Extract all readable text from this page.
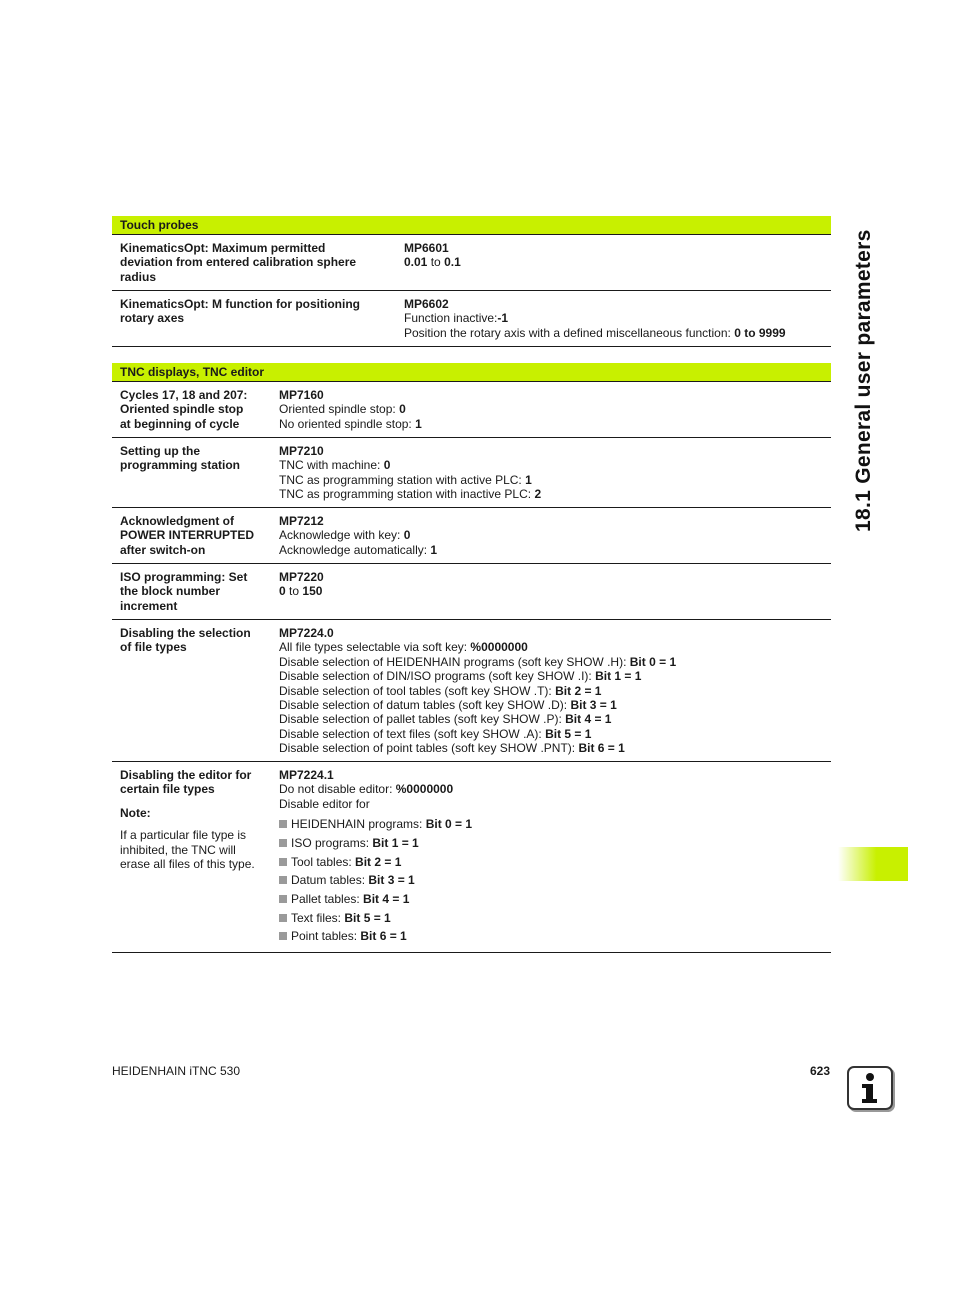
18.1 General user parameters
Touch probes
KinematicsOpt: Maximum permitted
deviation from entered calibration sphere
radius
MP6601
0.01 to 0.1
KinematicsOpt: M function for positioning
rotary axes
MP6602
Function inactive:-1
Position the rotary axis with a defined miscellaneous function: 0 to 9999
TNC displays, TNC editor
Cycles 17, 18 and 207:
Oriented spindle stop
at beginning of cycle
MP7160
Oriented spindle stop: 0
No oriented spindle stop: 1
Setting up the
programming station
MP7210
TNC with machine: 0
TNC as programming station with active PLC: 1
TNC as programming station with inactive PLC: 2
Acknowledgment of
POWER INTERRUPTED
after switch-on
MP7212
Acknowledge with key: 0
Acknowledge automatically: 1
ISO programming: Set
the block number
increment
MP7220
0 to 150
Disabling the selection
of file types
MP7224.0
All file types selectable via soft key: %0000000
Disable selection of HEIDENHAIN programs (soft key SHOW .H): Bit 0 = 1
Disable selection of DIN/ISO programs (soft key SHOW .I): Bit 1 = 1
Disable selection of tool tables (soft key SHOW .T): Bit 2 = 1
Disable selection of datum tables (soft key SHOW .D): Bit 3 = 1
Disable selection of pallet tables (soft key SHOW .P): Bit 4 = 1
Disable selection of text files (soft key SHOW .A): Bit 5 = 1
Disable selection of point tables (soft key SHOW .PNT): Bit 6 = 1
Disabling the editor for
certain file types
Note:
If a particular file type is
inhibited, the TNC will
erase all files of this type.
MP7224.1
Do not disable editor: %0000000
Disable editor for
HEIDENHAIN programs: Bit 0 = 1
ISO programs: Bit 1 = 1
Tool tables: Bit 2 = 1
Datum tables: Bit 3 = 1
Pallet tables: Bit 4 = 1
Text files: Bit 5 = 1
Point tables: Bit 6 = 1
HEIDENHAIN iTNC 530	623
